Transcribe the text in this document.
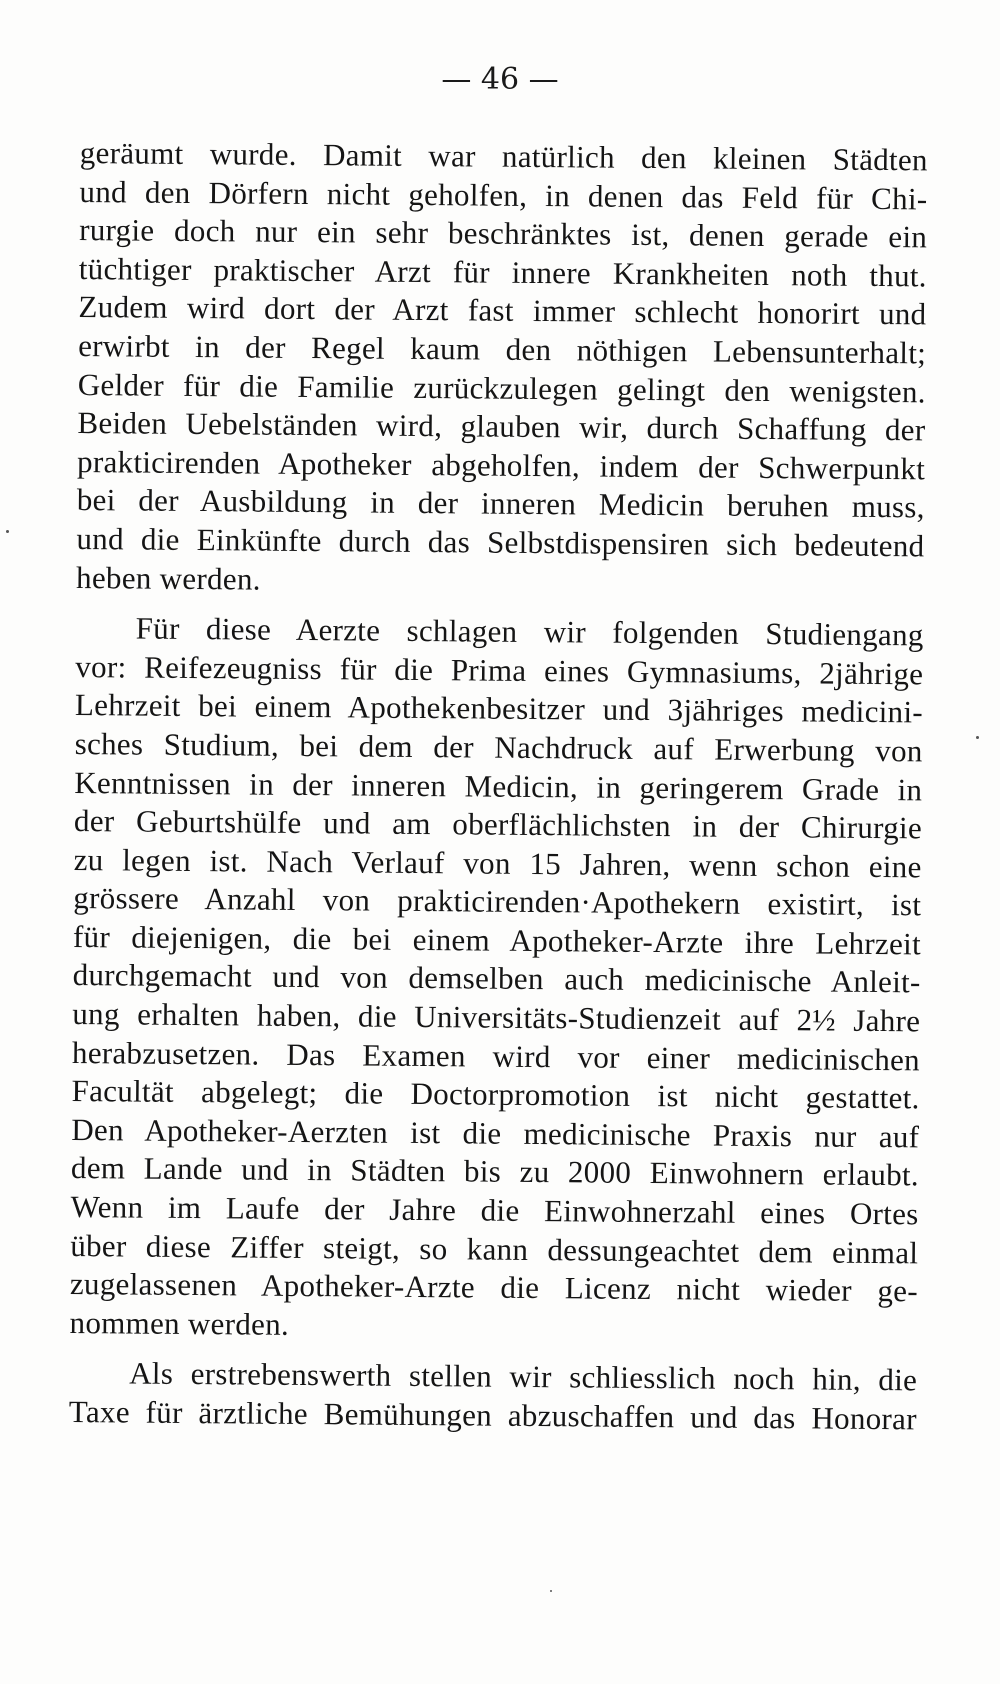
— 46 —
geräumt wurde. Damit war natürlich den kleinen Städten
und den Dörfern nicht geholfen, in denen das Feld für Chi-
rurgie doch nur ein sehr beschränktes ist, denen gerade ein
tüchtiger praktischer Arzt für innere Krankheiten noth thut.
Zudem wird dort der Arzt fast immer schlecht honorirt und
erwirbt in der Regel kaum den nöthigen Lebensunterhalt;
Gelder für die Familie zurückzulegen gelingt den wenigsten.
Beiden Uebelständen wird, glauben wir, durch Schaffung der
prakticirenden Apotheker abgeholfen, indem der Schwerpunkt
bei der Ausbildung in der inneren Medicin beruhen muss,
und die Einkünfte durch das Selbstdispensiren sich bedeutend
heben werden.
Für diese Aerzte schlagen wir folgenden Studiengang
vor: Reifezeugniss für die Prima eines Gymnasiums, 2jährige
Lehrzeit bei einem Apothekenbesitzer und 3jähriges medicini-
sches Studium, bei dem der Nachdruck auf Erwerbung von
Kenntnissen in der inneren Medicin, in geringerem Grade in
der Geburtshülfe und am oberflächlichsten in der Chirurgie
zu legen ist. Nach Verlauf von 15 Jahren, wenn schon eine
grössere Anzahl von prakticirenden·Apothekern existirt, ist
für diejenigen, die bei einem Apotheker-Arzte ihre Lehrzeit
durchgemacht und von demselben auch medicinische Anleit-
ung erhalten haben, die Universitäts-Studienzeit auf 2½ Jahre
herabzusetzen. Das Examen wird vor einer medicinischen
Facultät abgelegt; die Doctorpromotion ist nicht gestattet.
Den Apotheker-Aerzten ist die medicinische Praxis nur auf
dem Lande und in Städten bis zu 2000 Einwohnern erlaubt.
Wenn im Laufe der Jahre die Einwohnerzahl eines Ortes
über diese Ziffer steigt, so kann dessungeachtet dem einmal
zugelassenen Apotheker-Arzte die Licenz nicht wieder ge-
nommen werden.
Als erstrebenswerth stellen wir schliesslich noch hin, die
Taxe für ärztliche Bemühungen abzuschaffen und das Honorar
